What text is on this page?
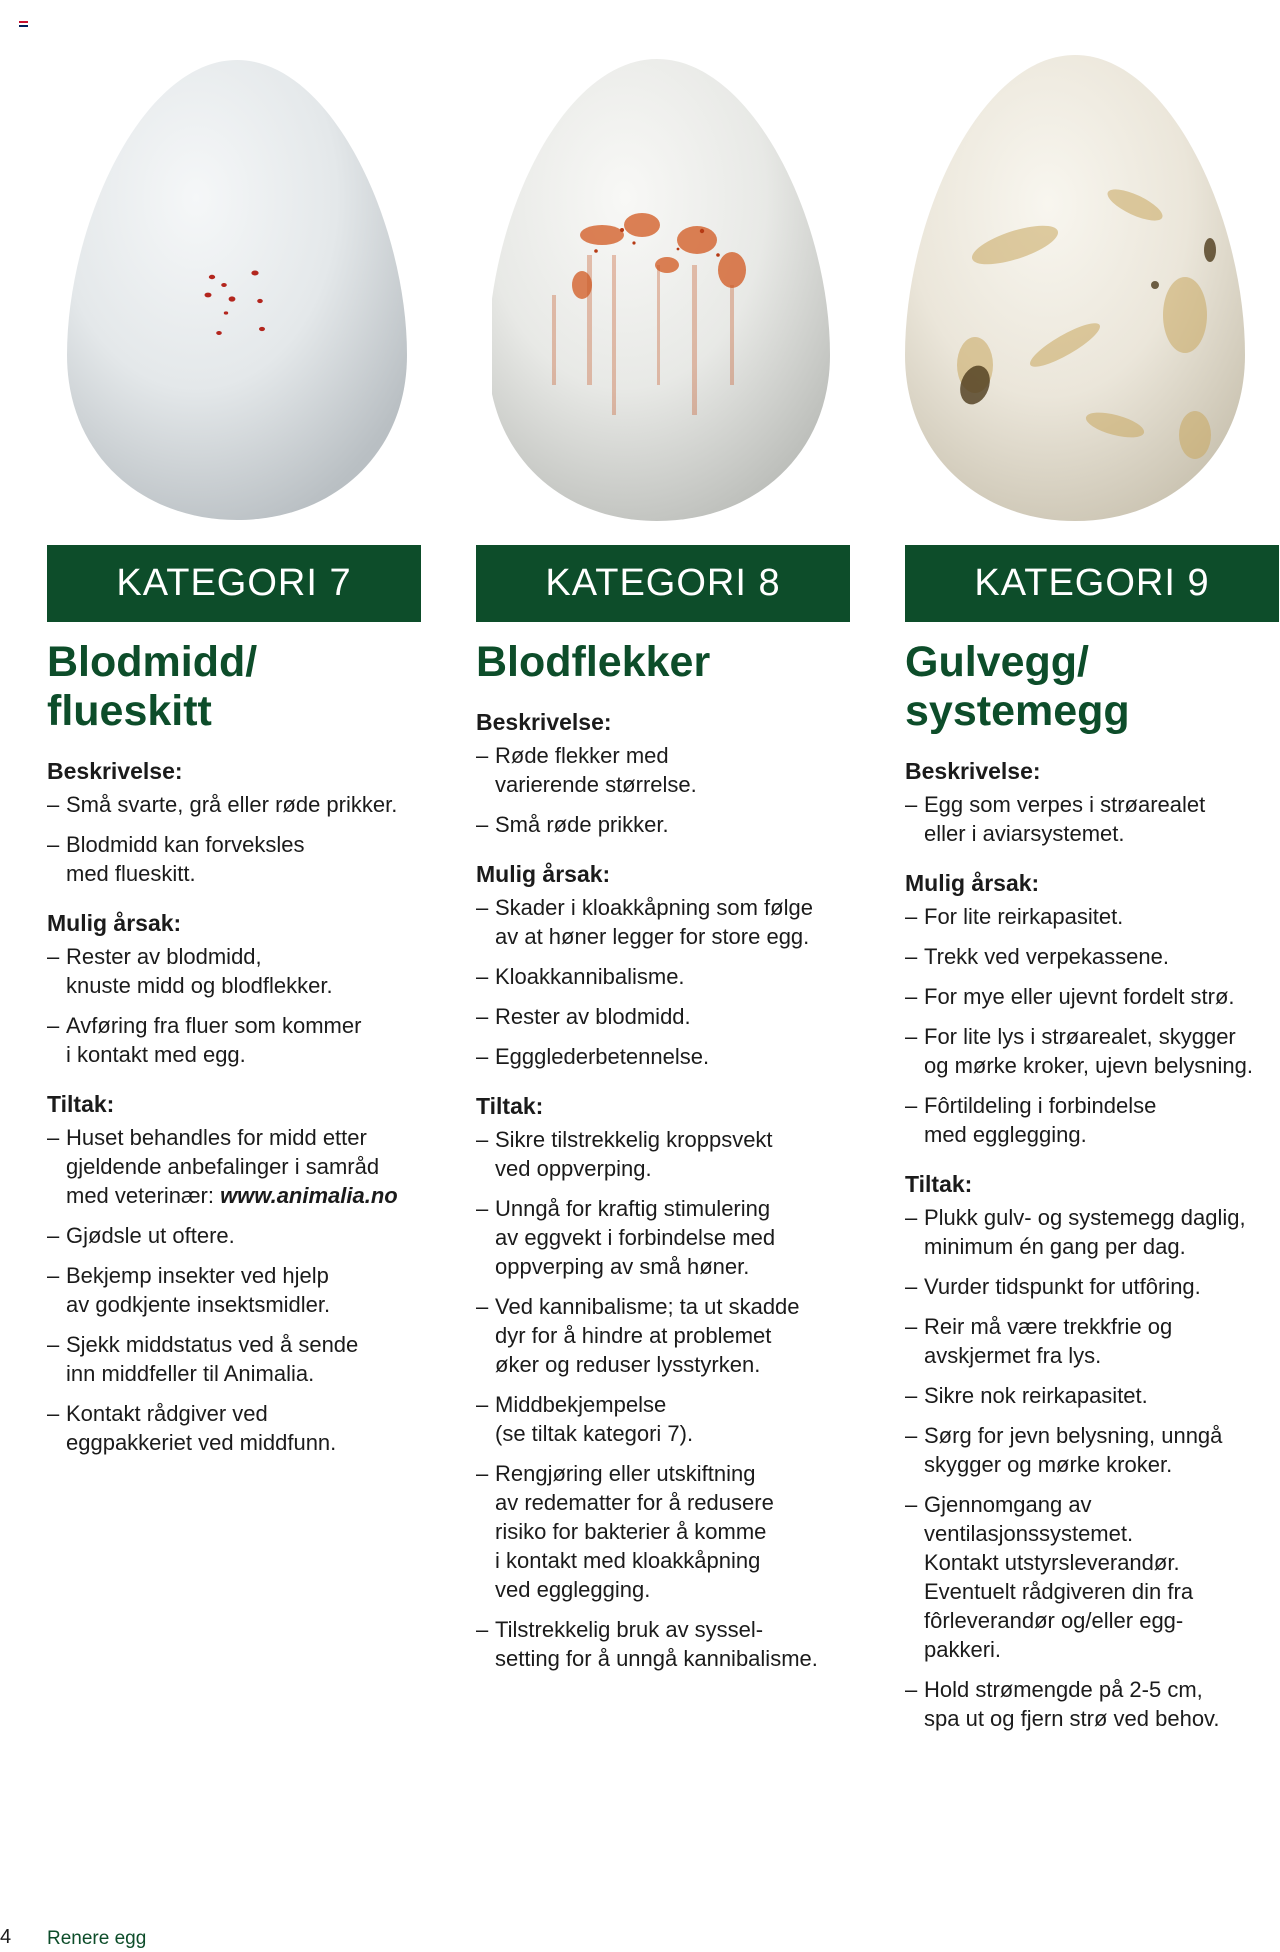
KATEGORI 7
Blodmidd/
flueskitt
Beskrivelse:
– Små svarte, grå eller røde prikker.
– Blodmidd kan forveksles
med flueskitt.
Mulig årsak:
– Rester av blodmidd,
knuste midd og blodflekker.
– Avføring fra fluer som kommer
i kontakt med egg.
Tiltak:
– Huset behandles for midd etter
gjeldende anbefalinger i samråd
med veterinær: www.animalia.no
– Gjødsle ut oftere.
– Bekjemp insekter ved hjelp
av godkjente insektsmidler.
– Sjekk middstatus ved å sende
inn middfeller til Animalia.
– Kontakt rådgiver ved
eggpakkeriet ved middfunn.
KATEGORI 8
Blodflekker
Beskrivelse:
– Røde flekker med
varierende størrelse.
– Små røde prikker.
Mulig årsak:
– Skader i kloakkåpning som følge
av at høner legger for store egg.
– Kloakkannibalisme.
– Rester av blodmidd.
– Eggglederbetennelse.
Tiltak:
– Sikre tilstrekkelig kroppsvekt
ved oppverping.
– Unngå for kraftig stimulering
av eggvekt i forbindelse med
oppverping av små høner.
– Ved kannibalisme; ta ut skadde
dyr for å hindre at problemet
øker og reduser lysstyrken.
– Middbekjempelse
(se tiltak kategori 7).
– Rengjøring eller utskiftning
av redematter for å redusere
risiko for bakterier å komme
i kontakt med kloakkåpning
ved egglegging.
– Tilstrekkelig bruk av syssel-
setting for å unngå kannibalisme.
KATEGORI 9
Gulvegg/
systemegg
Beskrivelse:
– Egg som verpes i strøarealet
eller i aviarsystemet.
Mulig årsak:
– For lite reirkapasitet.
– Trekk ved verpekassene.
– For mye eller ujevnt fordelt strø.
– For lite lys i strøarealet, skygger
og mørke kroker, ujevn belysning.
– Fôrtildeling i forbindelse
med egglegging.
Tiltak:
– Plukk gulv- og systemegg daglig,
minimum én gang per dag.
– Vurder tidspunkt for utfôring.
– Reir må være trekkfrie og
avskjermet fra lys.
– Sikre nok reirkapasitet.
– Sørg for jevn belysning, unngå
skygger og mørke kroker.
– Gjennomgang av
ventilasjonssystemet.
Kontakt utstyrsleverandør.
Eventuelt rådgiveren din fra
fôrleverandør og/eller egg-
pakkeri.
– Hold strømengde på 2-5 cm,
spa ut og fjern strø ved behov.
4 Renere egg
